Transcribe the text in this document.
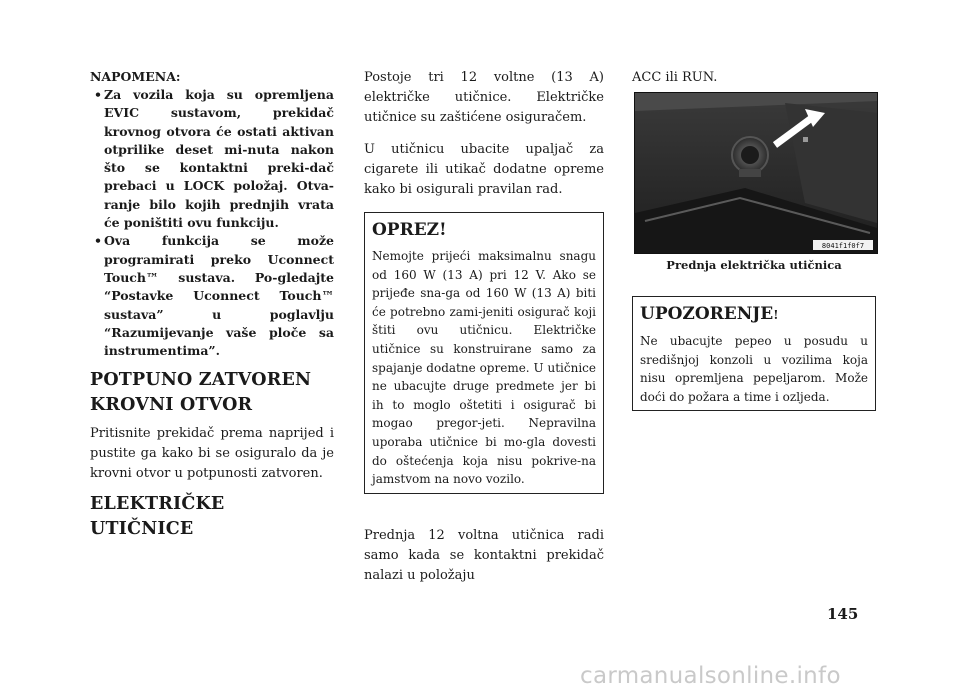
NAPOMENA:

• Za vozila koja su opremljena EVIC sustavom, prekidač krovnog otvora će ostati aktivan otprilike deset mi-nuta nakon što se kontaktni preki-dač prebaci u LOCK položaj. Otva-ranje bilo kojih prednjih vrata će poništiti ovu funkciju.
• Ova funkcija se može programirati preko Uconnect Touch™ sustava. Po-gledajte “Postavke Uconnect Touch™ sustava” u poglavlju “Razumijevanje vaše ploče sa instrumentima”.
POTPUNO ZATVOREN
KROVNI OTVOR

Pritisnite prekidač prema naprijed i pustite ga kako bi se osiguralo da je krovni otvor u potpunosti zatvoren.

ELEKTRIČKE UTIČNICE

Postoje tri 12 voltne (13 A) električke utičnice. Električke utičnice su zaštićene osiguračem.

U utičnicu ubacite upaljač za cigarete ili utikač dodatne opreme kako bi osigurali pravilan rad.

OPREZ!

Nemojte prijeći maksimalnu snagu od 160 W (13 A) pri 12 V. Ako se prijeđe sna-ga od 160 W (13 A) biti će potrebno zami-jeniti osigurač koji štiti ovu utičnicu. Električke utičnice su konstruirane samo za spajanje dodatne opreme. U utičnice ne ubacujte druge predmete jer bi ih to moglo oštetiti i osigurač bi mogao pregor-jeti. Nepravilna uporaba utičnice bi mo-gla dovesti do oštećenja koja nisu pokrive-na jamstvom na novo vozilo.

Prednja 12 voltna utičnica radi samo kada se kontaktni prekidač nalazi u položaju

ACC ili RUN.

8041f1f0f7

Prednja električka utičnica

UPOZORENJE!

Ne ubacujte pepeo u posudu u središnjoj konzoli u vozilima koja nisu opremljena pepeljarom. Može doći do požara a time i ozljeda.

145
carmanualsonline.info
